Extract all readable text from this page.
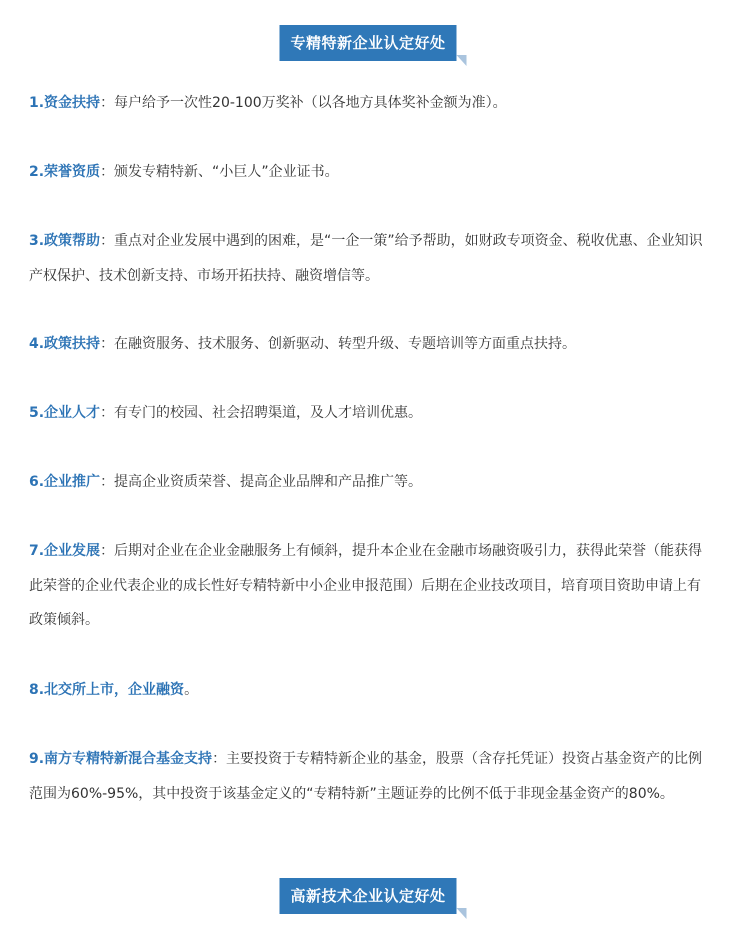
专精特新企业认定好处

1.资金扶持：每户给予一次性20-100万奖补（以各地方具体奖补金额为准）。

2.荣誉资质：颁发专精特新、“小巨人”企业证书。

3.政策帮助：重点对企业发展中遇到的困难，是“一企一策”给予帮助，如财政专项资金、税收优惠、企业知识产权保护、技术创新支持、市场开拓扶持、融资增信等。

4.政策扶持：在融资服务、技术服务、创新驱动、转型升级、专题培训等方面重点扶持。

5.企业人才：有专门的校园、社会招聘渠道，及人才培训优惠。

6.企业推广：提高企业资质荣誉、提高企业品牌和产品推广等。

7.企业发展：后期对企业在企业金融服务上有倾斜，提升本企业在金融市场融资吸引力，获得此荣誉（能获得此荣誉的企业代表企业的成长性好专精特新中小企业申报范围）后期在企业技改项目，培育项目资助申请上有政策倾斜。

8.北交所上市，企业融资。

9.南方专精特新混合基金支持：主要投资于专精特新企业的基金，股票（含存托凭证）投资占基金资产的比例范围为60%-95%，其中投资于该基金定义的“专精特新”主题证券的比例不低于非现金基金资产的80%。

高新技术企业认定好处
